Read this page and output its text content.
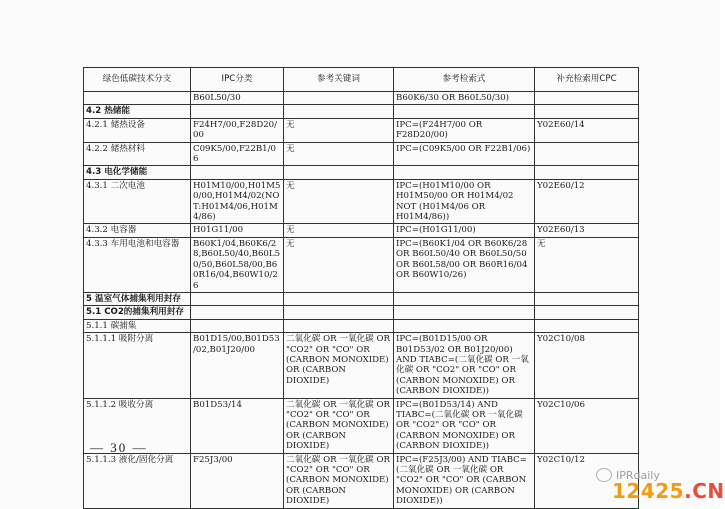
绿色低碳技术分支	IPC分类	参考关键词	参考检索式	补充检索用CPC
	B60L50/30		B60K6/30 OR B60L50/30)	
4.2 热储能				
4.2.1 储热设备	F24H7/00,F28D20/00	无	IPC=(F24H7/00 OR F28D20/00)	Y02E60/14
4.2.2 储热材料	C09K5/00,F22B1/06	无	IPC=(C09K5/00 OR F22B1/06)	
4.3 电化学储能				
4.3.1 二次电池	H01M10/00,H01M50/00,H01M4/02(NOT:H01M4/06,H01M4/86)	无	IPC=(H01M10/00 OR H01M50/00 OR H01M4/02 NOT (H01M4/06 OR H01M4/86))	Y02E60/12
4.3.2 电容器	H01G11/00	无	IPC=(H01G11/00)	Y02E60/13
4.3.3 车用电池和电容器	B60K1/04,B60K6/28,B60L50/40,B60L50/50,B60L58/00,B60R16/04,B60W10/26	无	IPC=(B60K1/04 OR B60K6/28 OR B60L50/40 OR B60L50/50 OR B60L58/00 OR B60R16/04 OR B60W10/26)	无
5 温室气体捕集利用封存				
5.1 CO2的捕集利用封存				
5.1.1 碳捕集				
5.1.1.1 吸附分离	B01D15/00,B01D53/02,B01J20/00	二氧化碳 OR 一氧化碳 OR "CO2" OR "CO" OR (CARBON MONOXIDE) OR (CARBON DIOXIDE)	IPC=(B01D15/00 OR B01D53/02 OR B01J20/00) AND TIABC=(二氧化碳 OR 一氧化碳 OR "CO2" OR "CO" OR (CARBON MONOXIDE) OR (CARBON DIOXIDE))	Y02C10/08
5.1.1.2 吸收分离	B01D53/14	二氧化碳 OR 一氧化碳 OR "CO2" OR "CO" OR (CARBON MONOXIDE) OR (CARBON DIOXIDE)	IPC=(B01D53/14) AND TIABC=(二氧化碳 OR 一氧化碳 OR "CO2" OR "CO" OR (CARBON MONOXIDE) OR (CARBON DIOXIDE))	Y02C10/06
5.1.1.3 液化/固化分离	F25J3/00	二氧化碳 OR 一氧化碳 OR "CO2" OR "CO" OR (CARBON MONOXIDE) OR (CARBON DIOXIDE)	IPC=(F25J3/00) AND TIABC=(二氧化碳 OR 一氧化碳 OR "CO2" OR "CO" OR (CARBON MONOXIDE) OR (CARBON DIOXIDE))	Y02C10/12
— 30 —
IPRdaily
12425.CN
